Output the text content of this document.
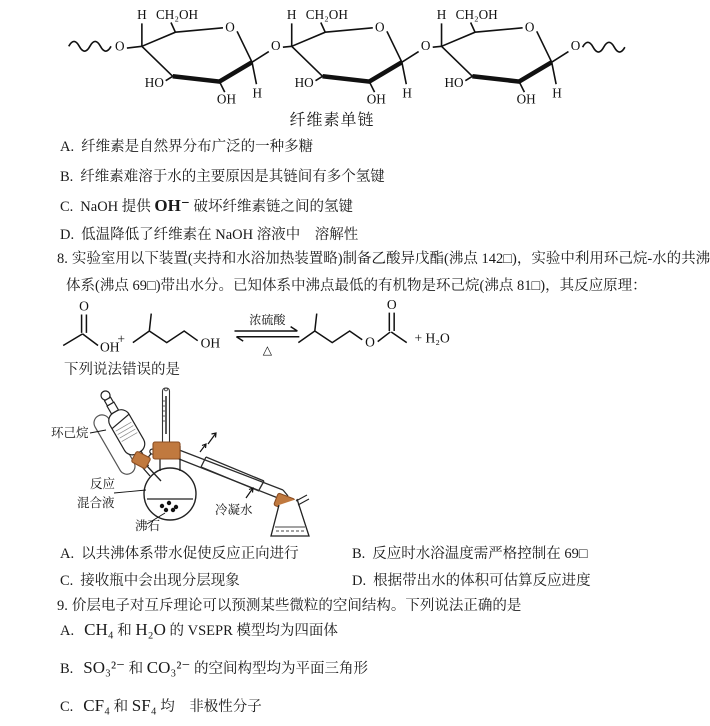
O
H CH₂OH
O
HO
OH H
O
H CH₂OH
O
HO
OH H
O
H CH₂OH
O
HO
OH H
O
纤维素单链
A. 纤维素是自然界分布广泛的一种多糖
B. 纤维素难溶于水的主要原因是其链间有多个氢键
C. NaOH 提供 OH⁻ 破坏纤维素链之间的氢键
D. 低温降低了纤维素在 NaOH 溶液中　溶解性
8. 实验室用以下装置(夹持和水浴加热装置略)制备乙酸异戊酯(沸点 142□)，实验中利用环己烷-水的共沸
体系(沸点 69□)带出水分。已知体系中沸点最低的有机物是环己烷(沸点 81□)，其反应原理：
O
OH
+	OH
浓硫酸
△
O
O
+ H₂O
下列说法错误的是
环己烷
反应
混合液
沸石
冷凝水
A. 以共沸体系带水促使反应正向进行	B. 反应时水浴温度需严格控制在 69□
C. 接收瓶中会出现分层现象	D. 根据带出水的体积可估算反应进度
9. 价层电子对互斥理论可以预测某些微粒的空间结构。下列说法正确的是
A. CH₄ 和 H₂O 的 VSEPR 模型均为四面体
B. SO₃²⁻ 和 CO₃²⁻ 的空间构型均为平面三角形
C. CF₄ 和 SF₄ 均　非极性分子
